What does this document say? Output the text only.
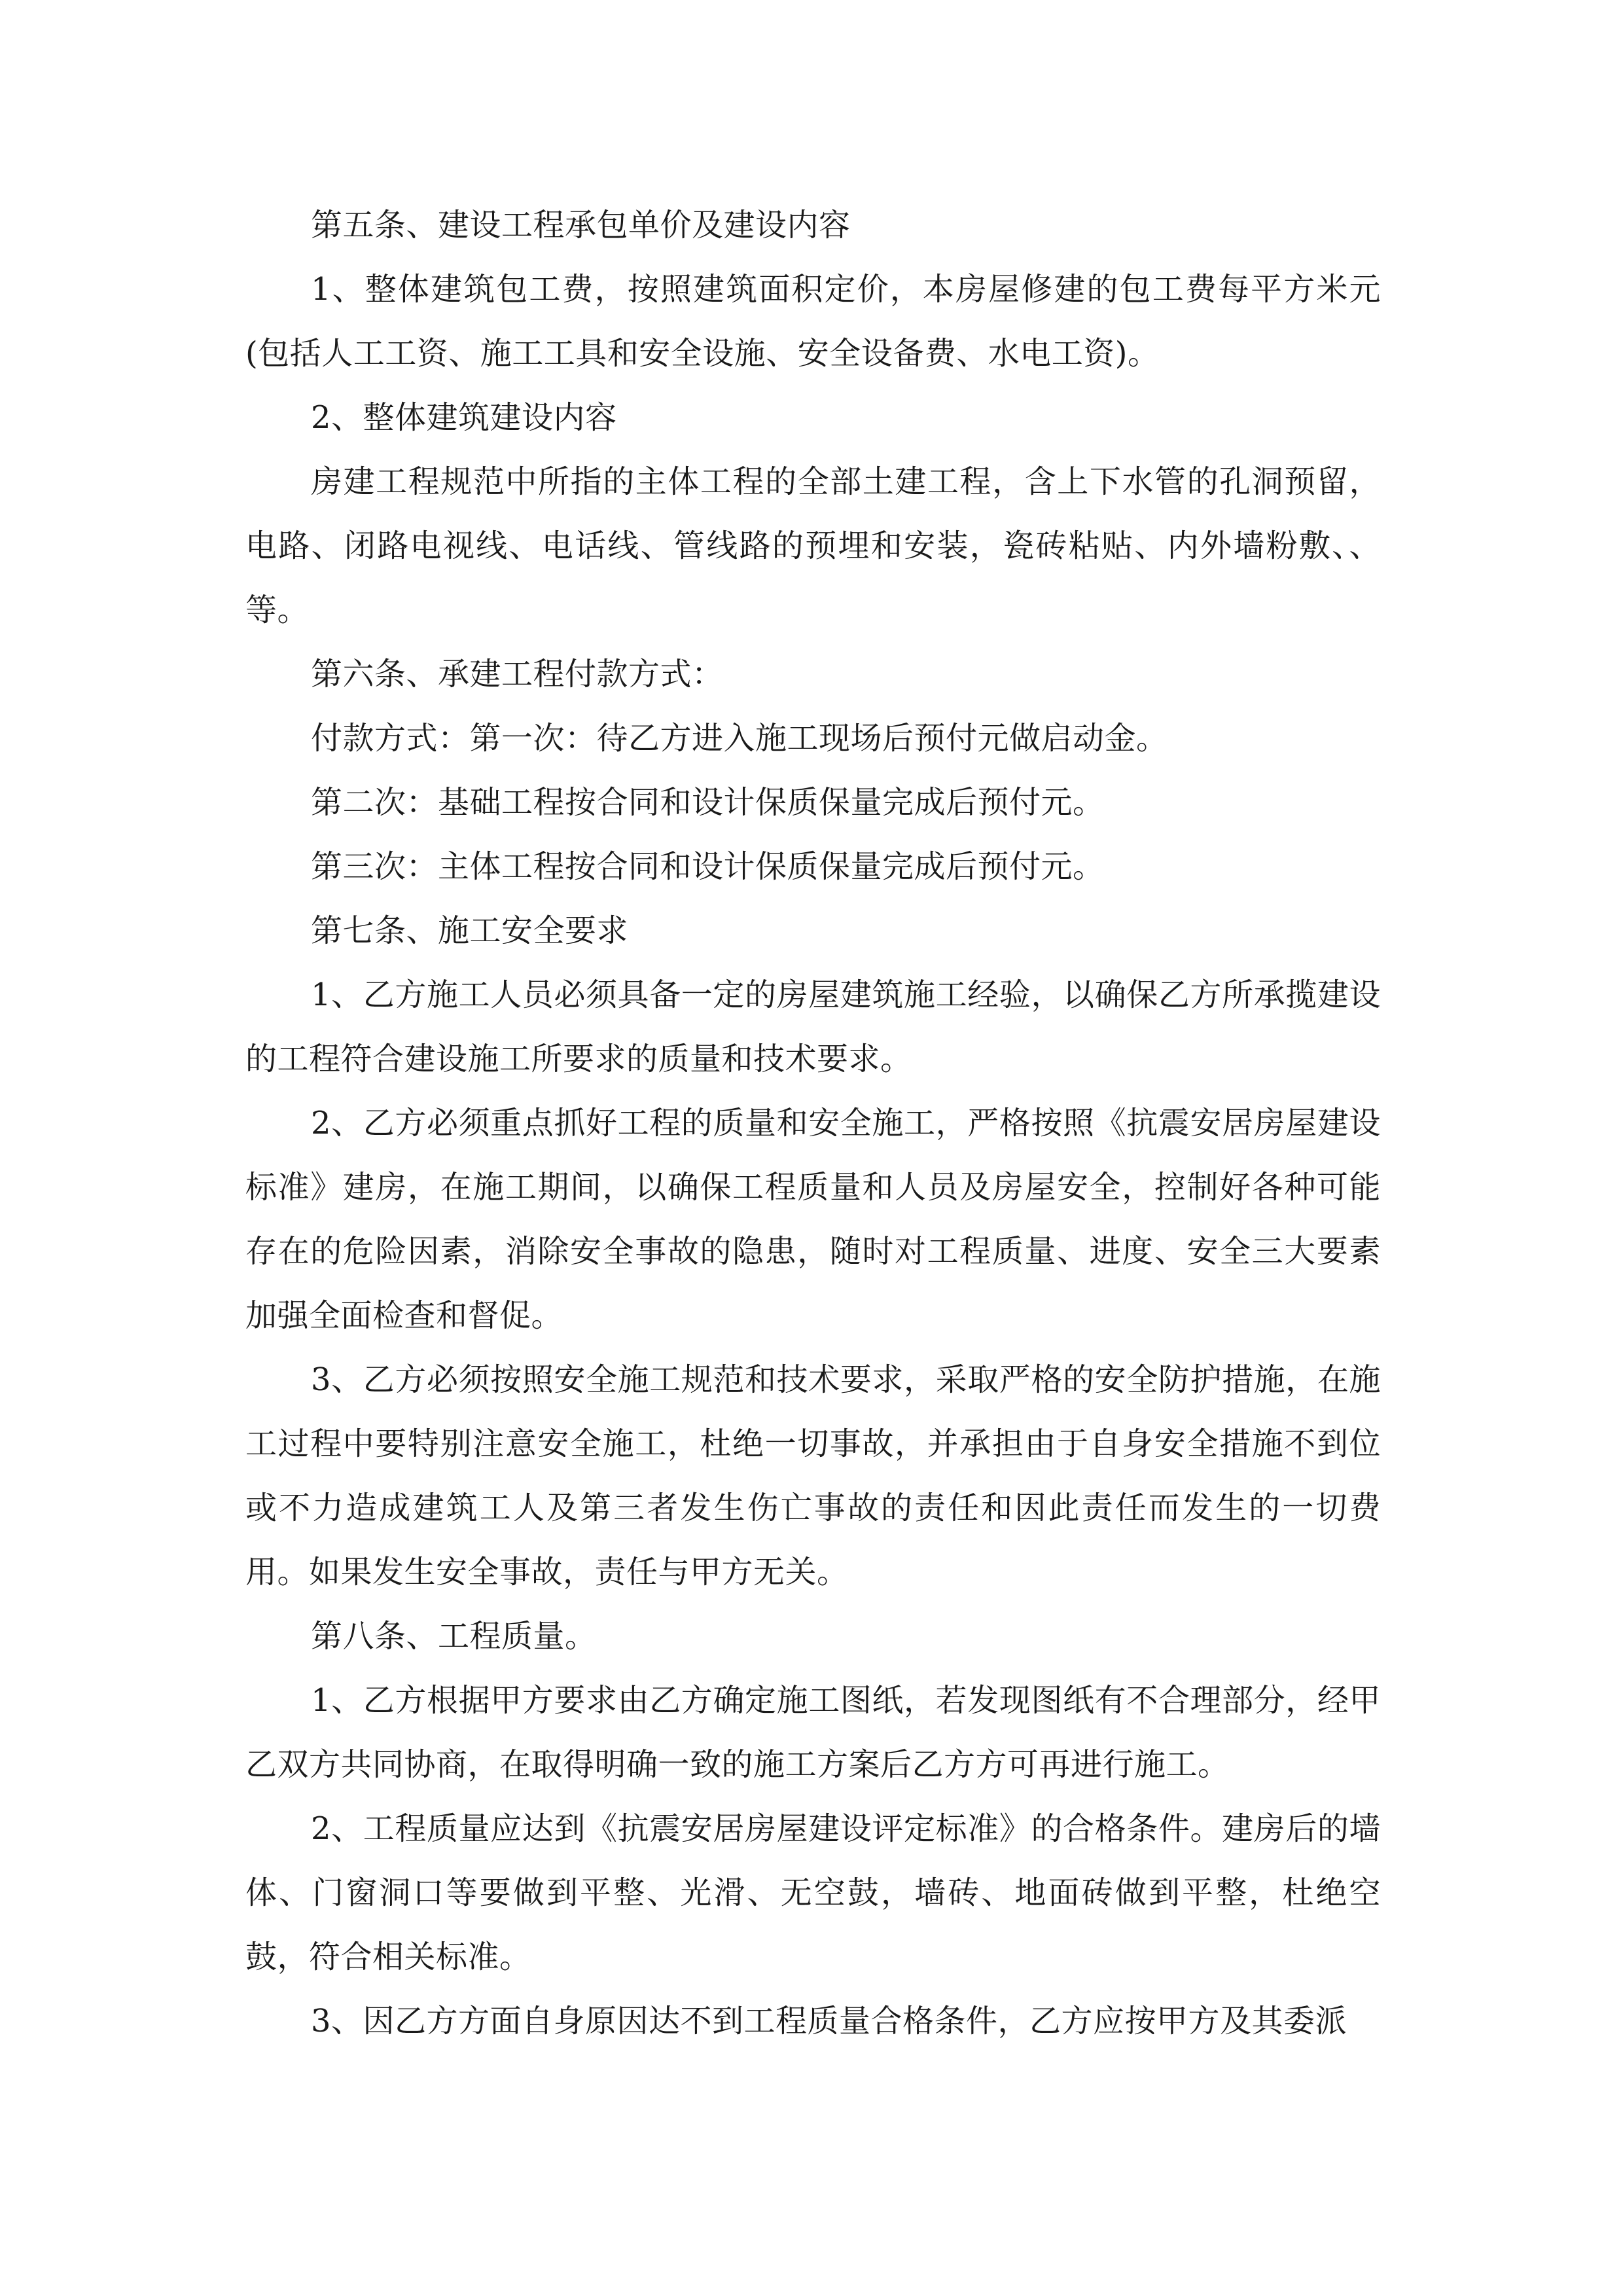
第五条、建设工程承包单价及建设内容

1、整体建筑包工费，按照建筑面积定价，本房屋修建的包工费每平方米元(包括人工工资、施工工具和安全设施、安全设备费、水电工资)。

2、整体建筑建设内容

房建工程规范中所指的主体工程的全部土建工程，含上下水管的孔洞预留，电路、闭路电视线、电话线、管线路的预埋和安装，瓷砖粘贴、内外墙粉敷、、等。

第六条、承建工程付款方式：

付款方式：第一次：待乙方进入施工现场后预付元做启动金。

第二次：基础工程按合同和设计保质保量完成后预付元。

第三次：主体工程按合同和设计保质保量完成后预付元。

第七条、施工安全要求

1、乙方施工人员必须具备一定的房屋建筑施工经验，以确保乙方所承揽建设的工程符合建设施工所要求的质量和技术要求。

2、乙方必须重点抓好工程的质量和安全施工，严格按照《抗震安居房屋建设标准》建房，在施工期间，以确保工程质量和人员及房屋安全，控制好各种可能存在的危险因素，消除安全事故的隐患，随时对工程质量、进度、安全三大要素加强全面检查和督促。

3、乙方必须按照安全施工规范和技术要求，采取严格的安全防护措施，在施工过程中要特别注意安全施工，杜绝一切事故，并承担由于自身安全措施不到位或不力造成建筑工人及第三者发生伤亡事故的责任和因此责任而发生的一切费用。如果发生安全事故，责任与甲方无关。

第八条、工程质量。

1、乙方根据甲方要求由乙方确定施工图纸，若发现图纸有不合理部分，经甲乙双方共同协商，在取得明确一致的施工方案后乙方方可再进行施工。

2、工程质量应达到《抗震安居房屋建设评定标准》的合格条件。建房后的墙体、门窗洞口等要做到平整、光滑、无空鼓，墙砖、地面砖做到平整，杜绝空鼓，符合相关标准。

3、因乙方方面自身原因达不到工程质量合格条件，乙方应按甲方及其委派
